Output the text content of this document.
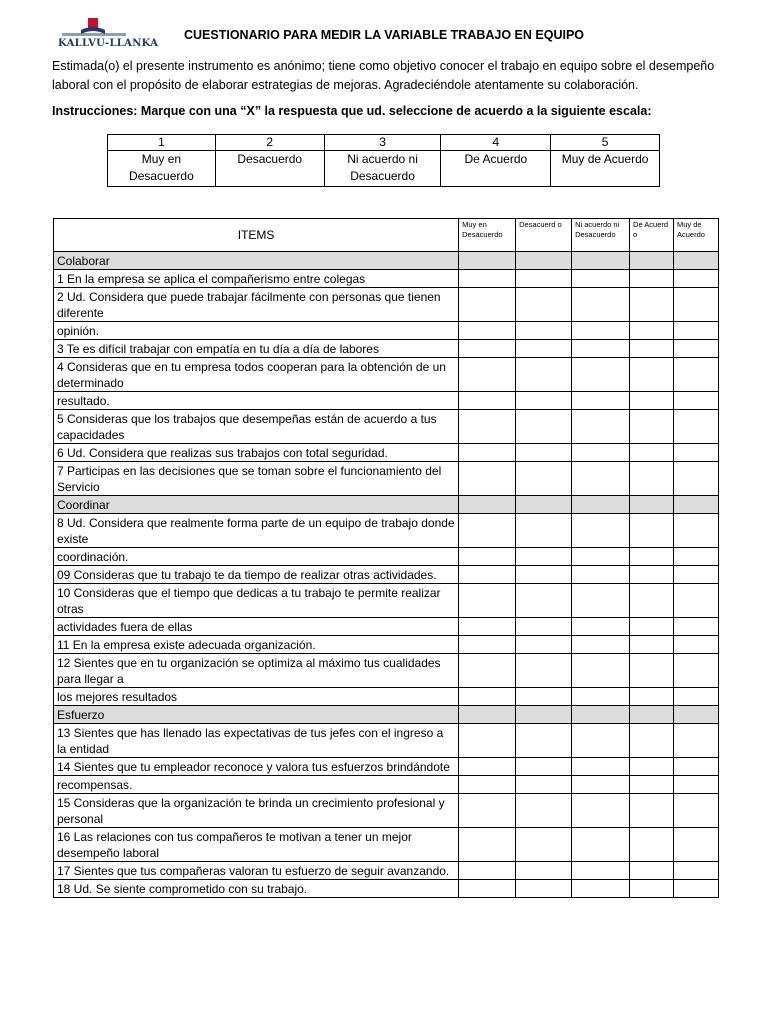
KALLVU-LLANKA
CUESTIONARIO PARA MEDIR LA VARIABLE TRABAJO EN EQUIPO
Estimada(o) el presente instrumento es anónimo; tiene como objetivo conocer el trabajo en equipo sobre el desempeño laboral con el propósito de elaborar estrategias de mejoras. Agradeciéndole atentamente su colaboración.
Instrucciones: Marque con una “X” la respuesta que ud. seleccione de acuerdo a la siguiente escala:
1	2	3	4	5
Muy en Desacuerdo	Desacuerdo	Ni acuerdo ni Desacuerdo	De Acuerdo	Muy de Acuerdo
ITEMS	Muy en Desacuerdo	Desacuerd o	Ni acuerdo ni Desacuerdo	De Acuerd o	Muy de Acuerdo
Colaborar					
1 En la empresa se aplica el compañerismo entre colegas					
2 Ud. Considera que puede trabajar fácilmente con personas que tienen diferente					
opinión.					
3 Te es difícil trabajar con empatía en tu día a día de labores					
4 Consideras que en tu empresa todos cooperan para la obtención de un determinado					
resultado.					
5 Consideras que los trabajos que desempeñas están de acuerdo a tus capacidades					
6 Ud. Considera que realizas sus trabajos con total seguridad.					
7 Participas en las decisiones que se toman sobre el funcionamiento del Servicio					
Coordinar					
8 Ud. Considera que realmente forma parte de un equipo de trabajo donde existe					
coordinación.					
09 Consideras que tu trabajo te da tiempo de realizar otras actividades.					
10 Consideras que el tiempo que dedicas a tu trabajo te permite realizar otras					
actividades fuera de ellas					
11 En la empresa existe adecuada organización.					
12 Sientes que en tu organización se optimiza al máximo tus cualidades para llegar a					
los mejores resultados					
Esfuerzo					
13 Sientes que has llenado las expectativas de tus jefes con el ingreso a la entidad					
14 Sientes que tu empleador reconoce y valora tus esfuerzos brindándote					
recompensas.					
15 Consideras que la organización te brinda un crecimiento profesional y personal					
16 Las relaciones con tus compañeros te motivan a tener un mejor desempeño laboral					
17 Sientes que tus compañeras valoran tu esfuerzo de seguir avanzando.					
18 Ud. Se siente comprometido con su trabajo.					
